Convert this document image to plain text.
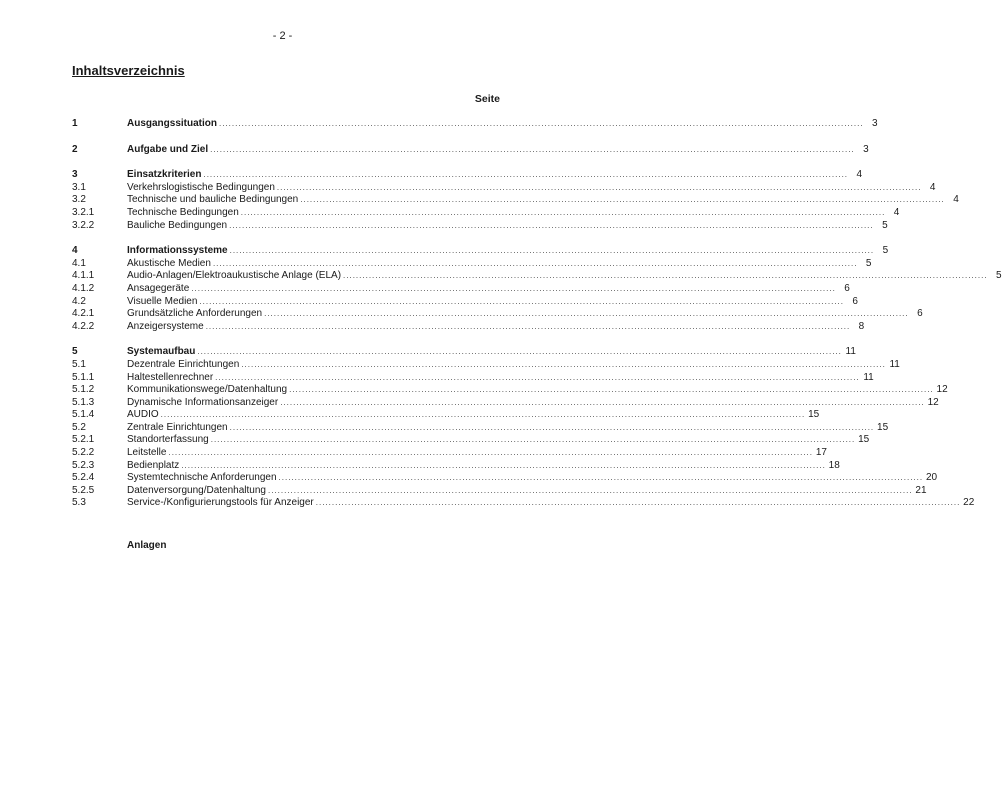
- 2 -
Inhaltsverzeichnis
Seite
1	Ausgangssituation ........................................................................................................................................................................................................ 3
2	Aufgabe und Ziel ........................................................................................................................................................................................................ 3
3	Einsatzkriterien ........................................................................................................................................................................................................ 4
3.1	Verkehrslogistische Bedingungen ........................................................................................................................................................................................................ 4
3.2	Technische und bauliche Bedingungen ........................................................................................................................................................................................................ 4
3.2.1	Technische Bedingungen ........................................................................................................................................................................................................ 4
3.2.2	Bauliche Bedingungen ........................................................................................................................................................................................................ 5
4	Informationssysteme ........................................................................................................................................................................................................ 5
4.1	Akustische Medien ........................................................................................................................................................................................................ 5
4.1.1	Audio-Anlagen/Elektroaukustische Anlage (ELA) ........................................................................................................................................................................................................ 5
4.1.2	Ansagegeräte ........................................................................................................................................................................................................ 6
4.2	Visuelle Medien ........................................................................................................................................................................................................ 6
4.2.1	Grundsätzliche Anforderungen ........................................................................................................................................................................................................ 6
4.2.2	Anzeigersysteme ........................................................................................................................................................................................................ 8
5	Systemaufbau ........................................................................................................................................................................................................ 11
5.1	Dezentrale Einrichtungen ........................................................................................................................................................................................................ 11
5.1.1	Haltestellenrechner ........................................................................................................................................................................................................ 11
5.1.2	Kommunikationswege/Datenhaltung ........................................................................................................................................................................................................ 12
5.1.3	Dynamische Informationsanzeiger ........................................................................................................................................................................................................ 12
5.1.4	AUDIO ........................................................................................................................................................................................................ 15
5.2	Zentrale Einrichtungen ........................................................................................................................................................................................................ 15
5.2.1	Standorterfassung ........................................................................................................................................................................................................ 15
5.2.2	Leitstelle ........................................................................................................................................................................................................ 17
5.2.3	Bedienplatz ........................................................................................................................................................................................................ 18
5.2.4	Systemtechnische Anforderungen ........................................................................................................................................................................................................ 20
5.2.5	Datenversorgung/Datenhaltung ........................................................................................................................................................................................................ 21
5.3	Service-/Konfigurierungstools für Anzeiger ........................................................................................................................................................................................................ 22
Anlagen
